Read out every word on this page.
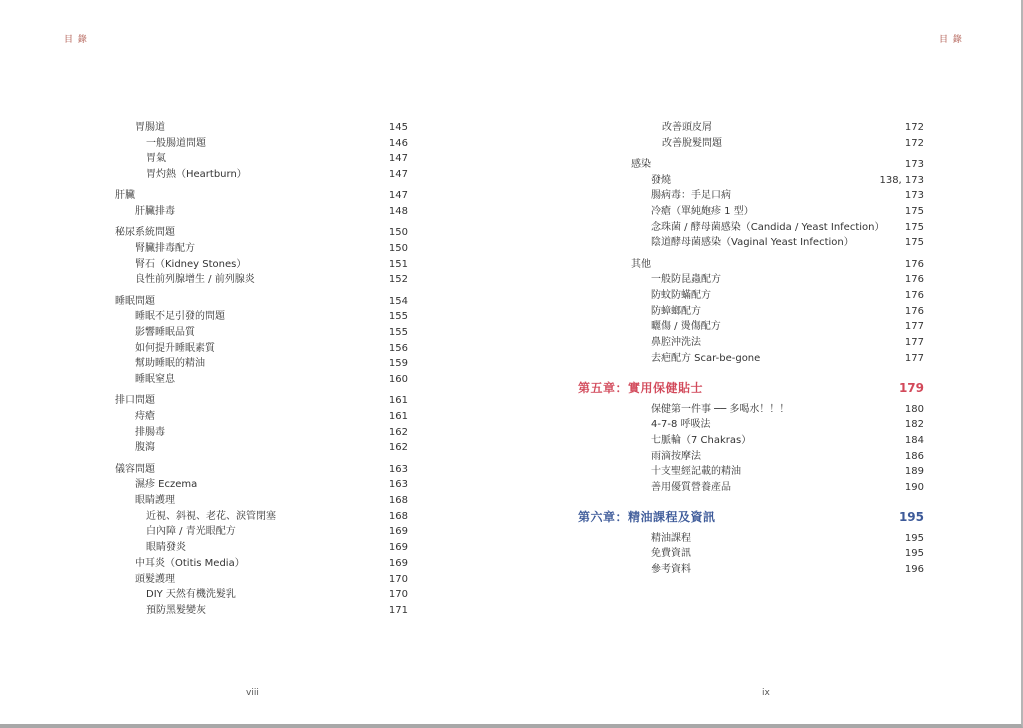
目 錄
胃腸道	145
一般腸道問題	146
胃氣	147
胃灼熱（Heartburn）	147
肝臟	147
肝臟排毒	148
秘尿系統問題	150
腎臟排毒配方	150
腎石（Kidney Stones）	151
良性前列腺增生 / 前列腺炎	152
睡眠問題	154
睡眠不足引發的問題	155
影響睡眠品質	155
如何提升睡眠素質	156
幫助睡眠的精油	159
睡眠窒息	160
排口問題	161
痔瘡	161
排腸毒	162
腹瀉	162
儀容問題	163
濕疹 Eczema	163
眼睛護理	168
近視、斜視、老花、淚管閉塞	168
白內障 / 青光眼配方	169
眼睛發炎	169
中耳炎（Otitis Media）	169
頭髮護理	170
DIY 天然有機洗髮乳	170
預防黑髮變灰	171
viii
目 錄
改善頭皮屑	172
改善脫髮問題	172
感染	173
發燒	138, 173
腸病毒：手足口病	173
冷瘡（單純皰疹 1 型）	175
念珠菌 / 酵母菌感染（Candida / Yeast Infection） 175
陰道酵母菌感染（Vaginal Yeast Infection）	175
其他	176
一般防昆蟲配方	176
防蚊防蟎配方	176
防蟑螂配方	176
曬傷 / 燙傷配方	177
鼻腔沖洗法	177
去疤配方 Scar-be-gone	177
第五章：實用保健貼士	179
保健第一件事 ── 多喝水！！！	180
4-7-8 呼吸法	182
七脈輪（7 Chakras）	184
雨滴按摩法	186
十支聖經記載的精油	189
善用優質營養產品	190
第六章：精油課程及資訊	195
精油課程	195
免費資訊	195
參考資料	196
ix
